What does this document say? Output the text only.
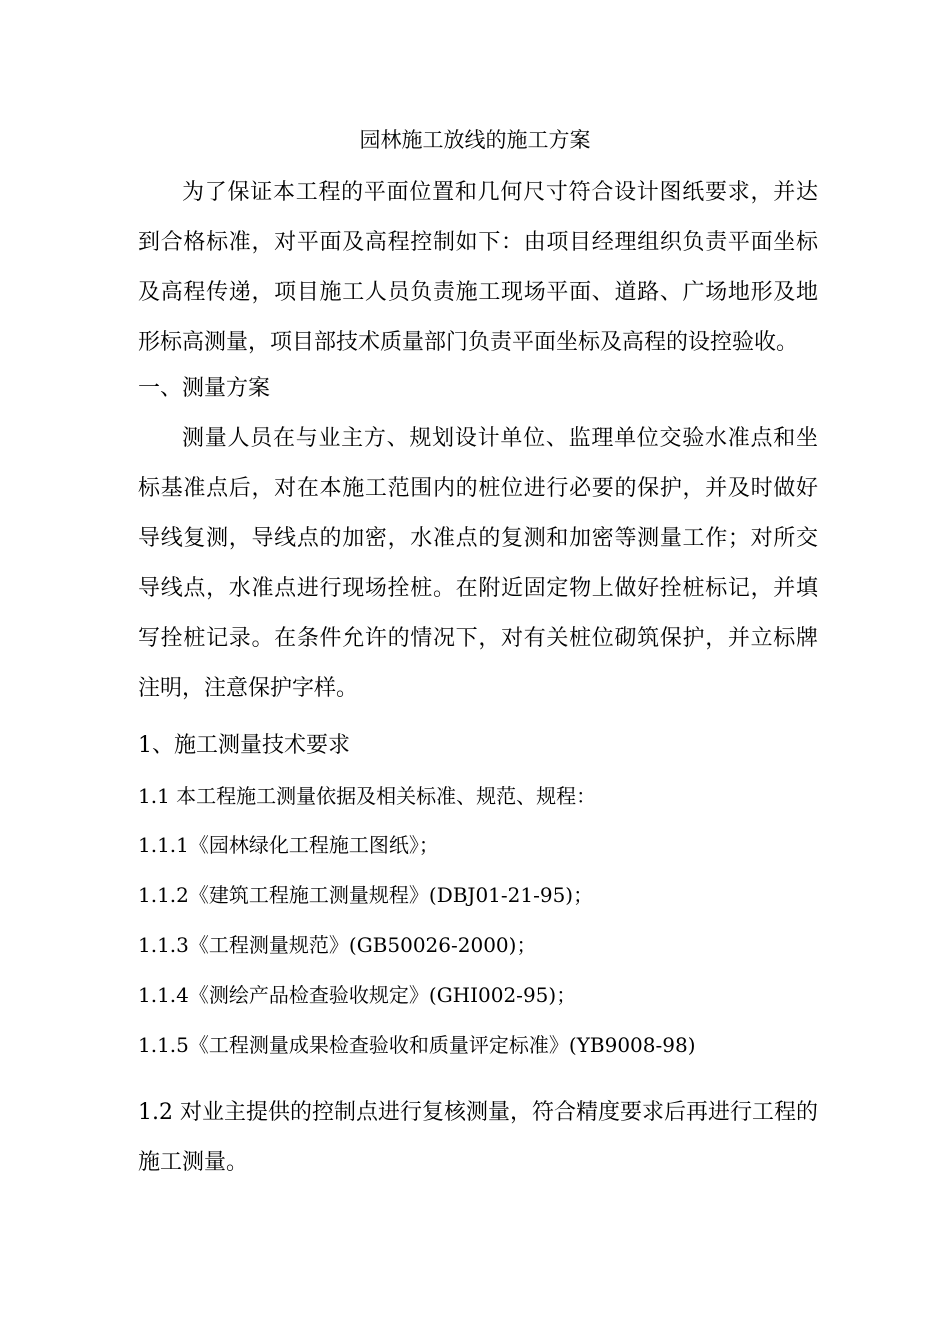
园林施工放线的施工方案

为了保证本工程的平面位置和几何尺寸符合设计图纸要求，并达到合格标准，对平面及高程控制如下：由项目经理组织负责平面坐标及高程传递，项目施工人员负责施工现场平面、道路、广场地形及地形标高测量，项目部技术质量部门负责平面坐标及高程的设控验收。

一、测量方案

测量人员在与业主方、规划设计单位、监理单位交验水准点和坐标基准点后，对在本施工范围内的桩位进行必要的保护，并及时做好导线复测，导线点的加密，水准点的复测和加密等测量工作；对所交导线点，水准点进行现场拴桩。在附近固定物上做好拴桩标记，并填写拴桩记录。在条件允许的情况下，对有关桩位砌筑保护，并立标牌注明，注意保护字样。

1、施工测量技术要求
1.1 本工程施工测量依据及相关标准、规范、规程：
1.1.1《园林绿化工程施工图纸》；
1.1.2《建筑工程施工测量规程》(DBJ01-21-95)；
1.1.3《工程测量规范》(GB50026-2000)；
1.1.4《测绘产品检查验收规定》(GHI002-95)；
1.1.5《工程测量成果检查验收和质量评定标准》(YB9008-98)

1.2 对业主提供的控制点进行复核测量，符合精度要求后再进行工程的施工测量。
